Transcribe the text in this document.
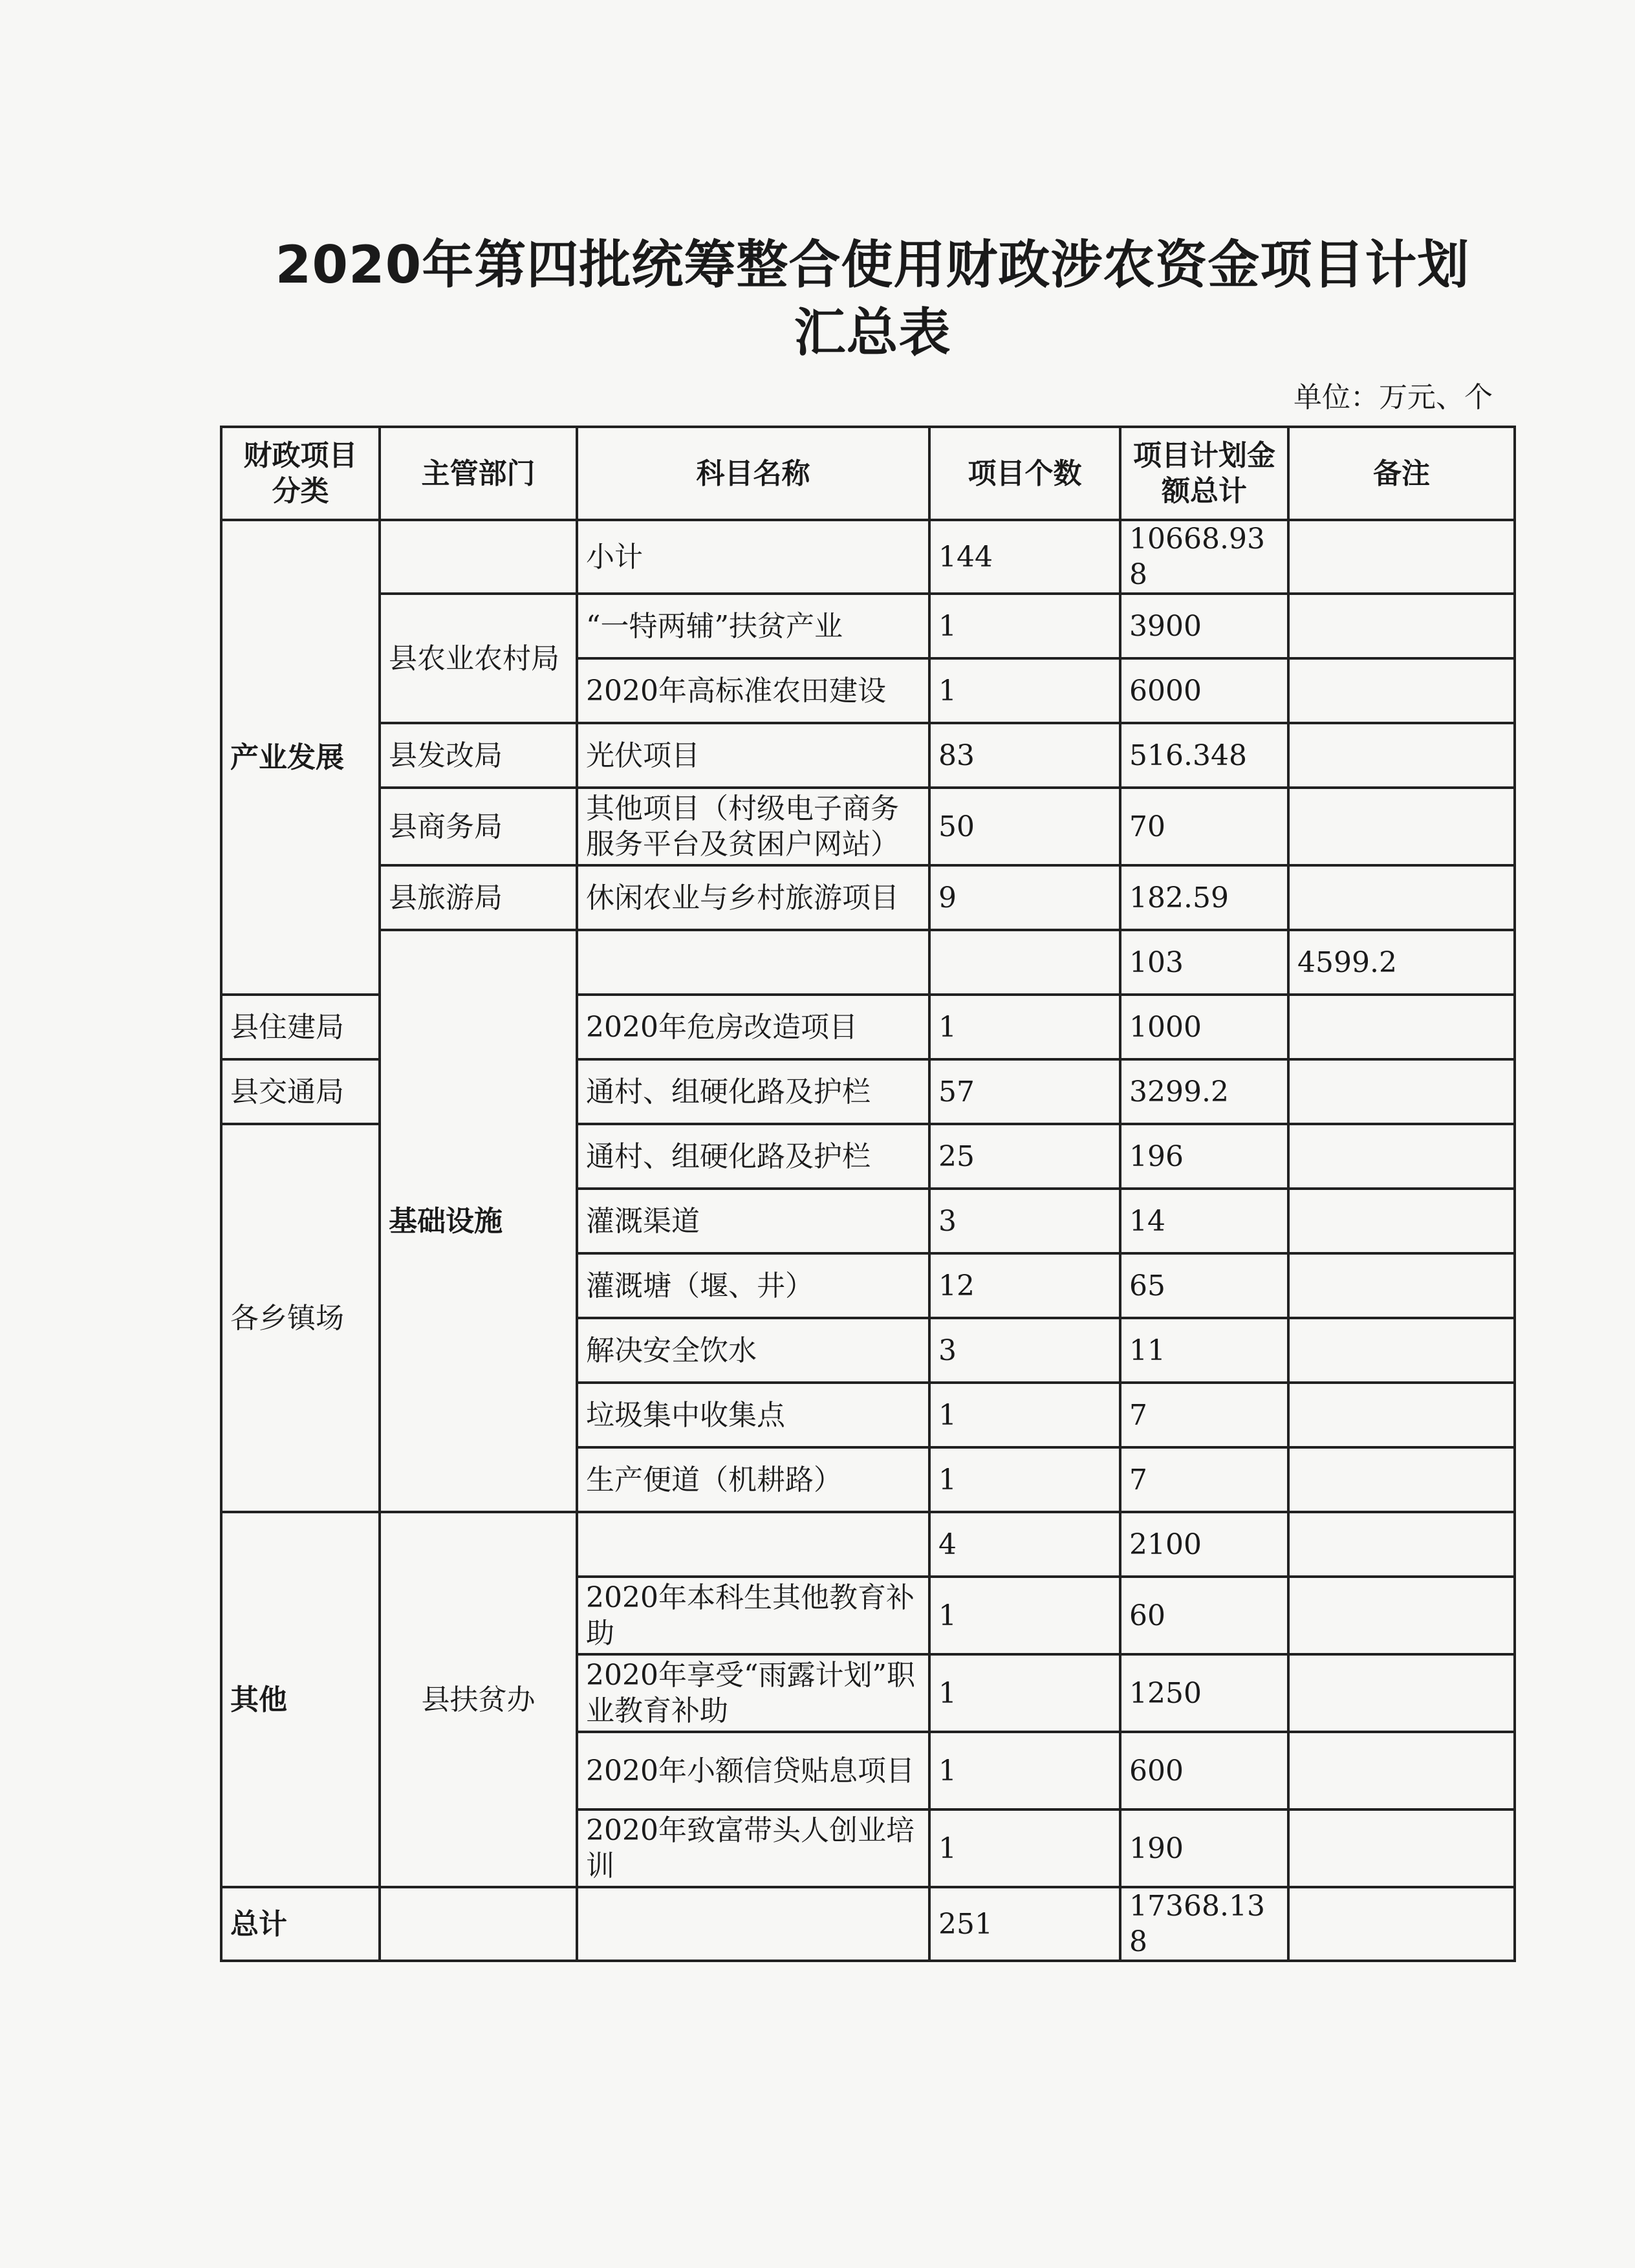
2020年第四批统筹整合使用财政涉农资金项目计划
汇总表
单位：万元、个
财政项目分类	主管部门	科目名称	项目个数	项目计划金额总计	备注	
产业发展		小计	144	10668.938		
	县农业农村局	“一特两辅”扶贫产业	1	3900		
		2020年高标准农田建设	1	6000		
	县发改局	光伏项目	83	516.348		
	县商务局	其他项目（村级电子商务服务平台及贫困户网站）	50	70		
	县旅游局	休闲农业与乡村旅游项目	9	182.59		
	基础设施			103	4599.2	
县住建局		2020年危房改造项目	1	1000		
县交通局		通村、组硬化路及护栏	57	3299.2		
各乡镇场		通村、组硬化路及护栏	25	196		
		灌溉渠道	3	14		
		灌溉塘（堰、井）	12	65		
		解决安全饮水	3	11		
		垃圾集中收集点	1	7		
		生产便道（机耕路）	1	7		
其他	县扶贫办		4	2100		
		2020年本科生其他教育补助	1	60		
		2020年享受“雨露计划”职业教育补助	1	1250		
		2020年小额信贷贴息项目	1	600		
		2020年致富带头人创业培训	1	190		
总计			251	17368.138		
